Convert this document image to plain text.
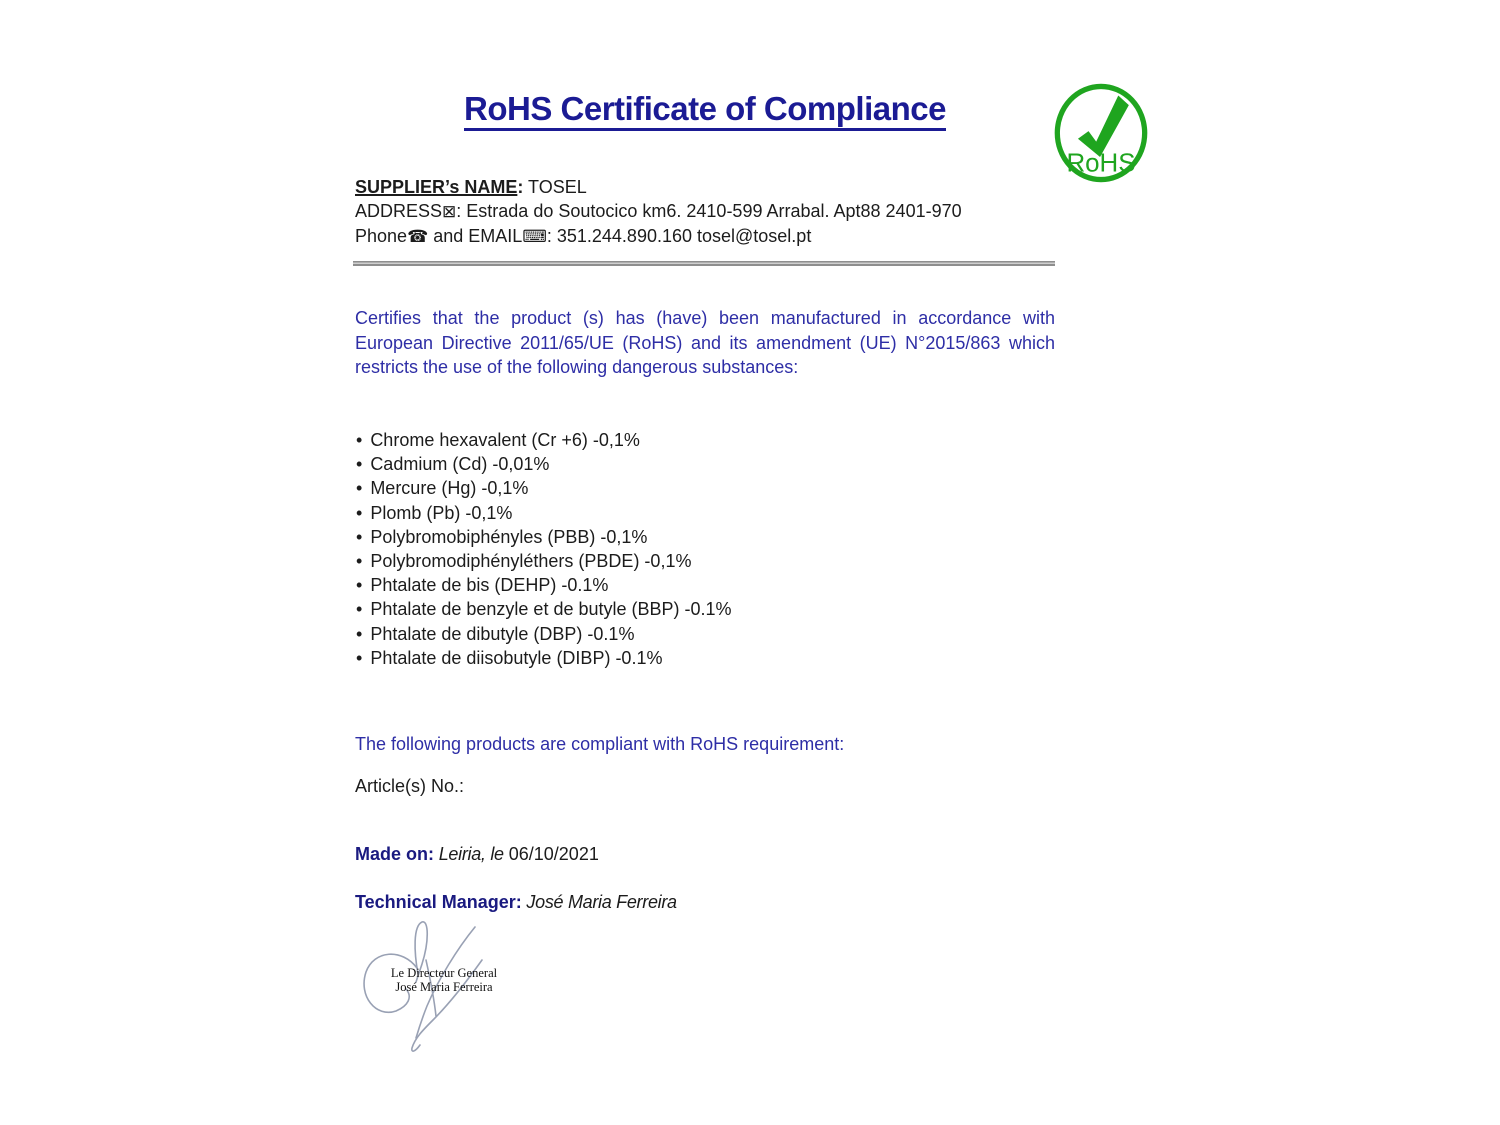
RoHS Certificate of Compliance
RoHS
SUPPLIER’s NAME: TOSEL
ADDRESS⊠: Estrada do Soutocico km6. 2410-599 Arrabal. Apt88 2401-970
Phone☎ and EMAIL⌨: 351.244.890.160 tosel@tosel.pt
Certifies that the product (s) has (have) been manufactured in accordance with European Directive 2011/65/UE (RoHS) and its amendment (UE) N°2015/863 which restricts the use of the following dangerous substances:
• Chrome hexavalent (Cr +6) -0,1%
• Cadmium (Cd) -0,01%
• Mercure (Hg) -0,1%
• Plomb (Pb) -0,1%
• Polybromobiphényles (PBB) -0,1%
• Polybromodiphényléthers (PBDE) -0,1%
• Phtalate de bis (DEHP) -0.1%
• Phtalate de benzyle et de butyle (BBP) -0.1%
• Phtalate de dibutyle (DBP) -0.1%
• Phtalate de diisobutyle (DIBP) -0.1%
The following products are compliant with RoHS requirement:
Article(s) No.:
Made on: Leiria, le 06/10/2021
Technical Manager: José Maria Ferreira
Le Directeur General
José Maria Ferreira
